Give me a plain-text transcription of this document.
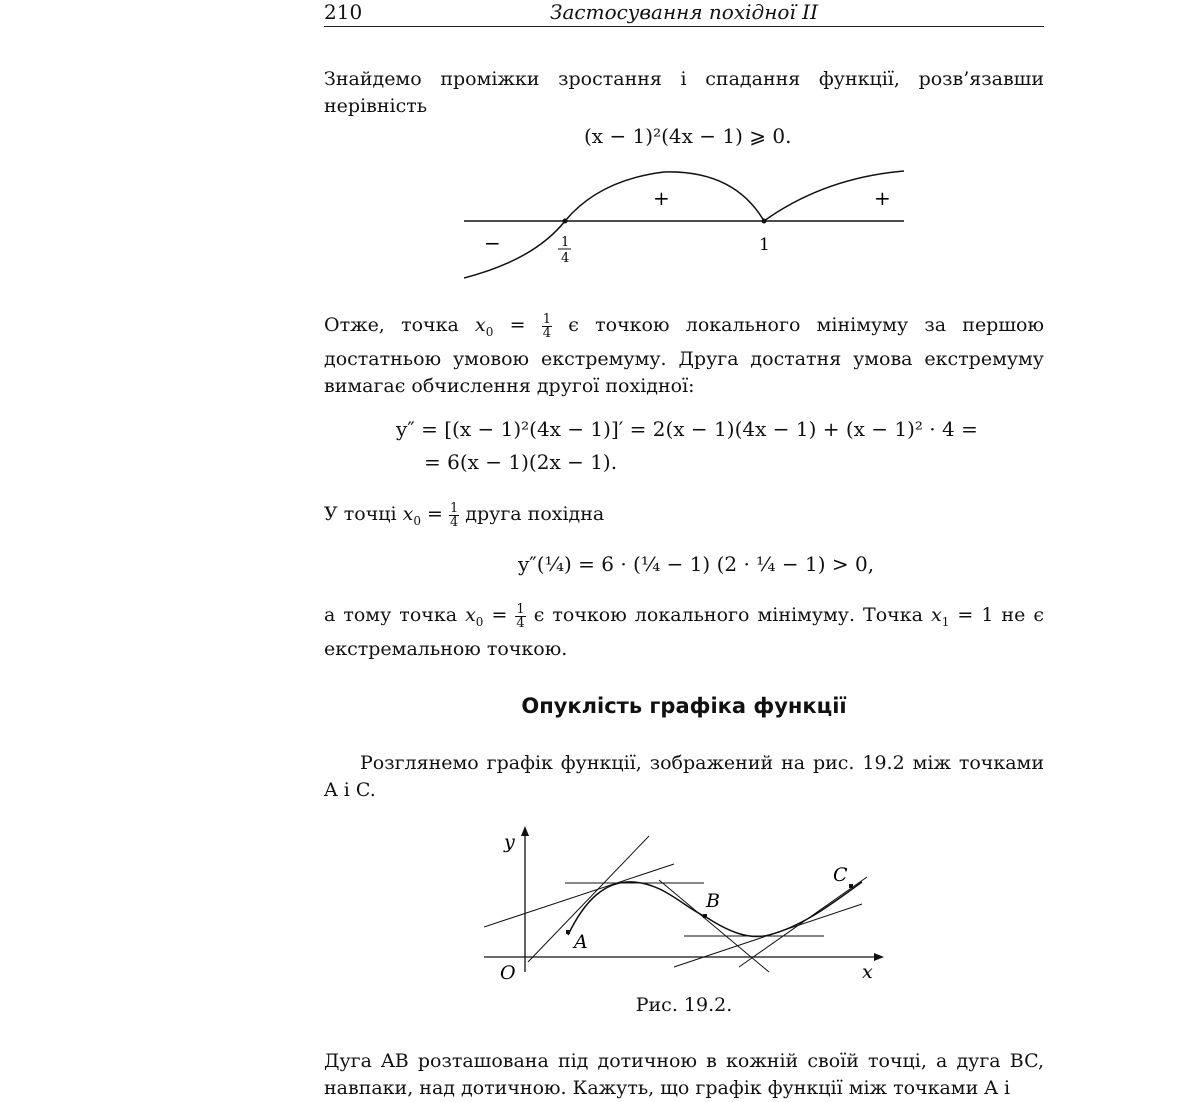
210	Застосування похідної II
Знайдемо проміжки зростання і спадання функції, розв’язавши нерівність
(x − 1)²(4x − 1) ⩾ 0.
−
+	+
1
4
1
Отже, точка $x_0 = \frac{1}{4}$ є точкою локального мінімуму за першою достатньою умовою екстремуму. Друга достатня умова екстремуму вимагає обчислення другої похідної:
y″ = [(x − 1)²(4x − 1)]′ = 2(x − 1)(4x − 1) + (x − 1)² · 4 =
= 6(x − 1)(2x − 1).
У точці $x_0 = \frac{1}{4}$ друга похідна
y″(¼) = 6 · (¼ − 1) (2 · ¼ − 1) > 0,
а тому точка $x_0 = \frac{1}{4}$ є точкою локального мінімуму. Точка $x_1 = 1$ не є екстремальною точкою.
Опуклість графіка функції
Розглянемо графік функції, зображений на рис. 19.2 між точками A і C.
y
x
O
A
B
C
Рис. 19.2.
Дуга AB розташована під дотичною в кожній своїй точці, а дуга BC, навпаки, над дотичною. Кажуть, що графік функції між точками A і
